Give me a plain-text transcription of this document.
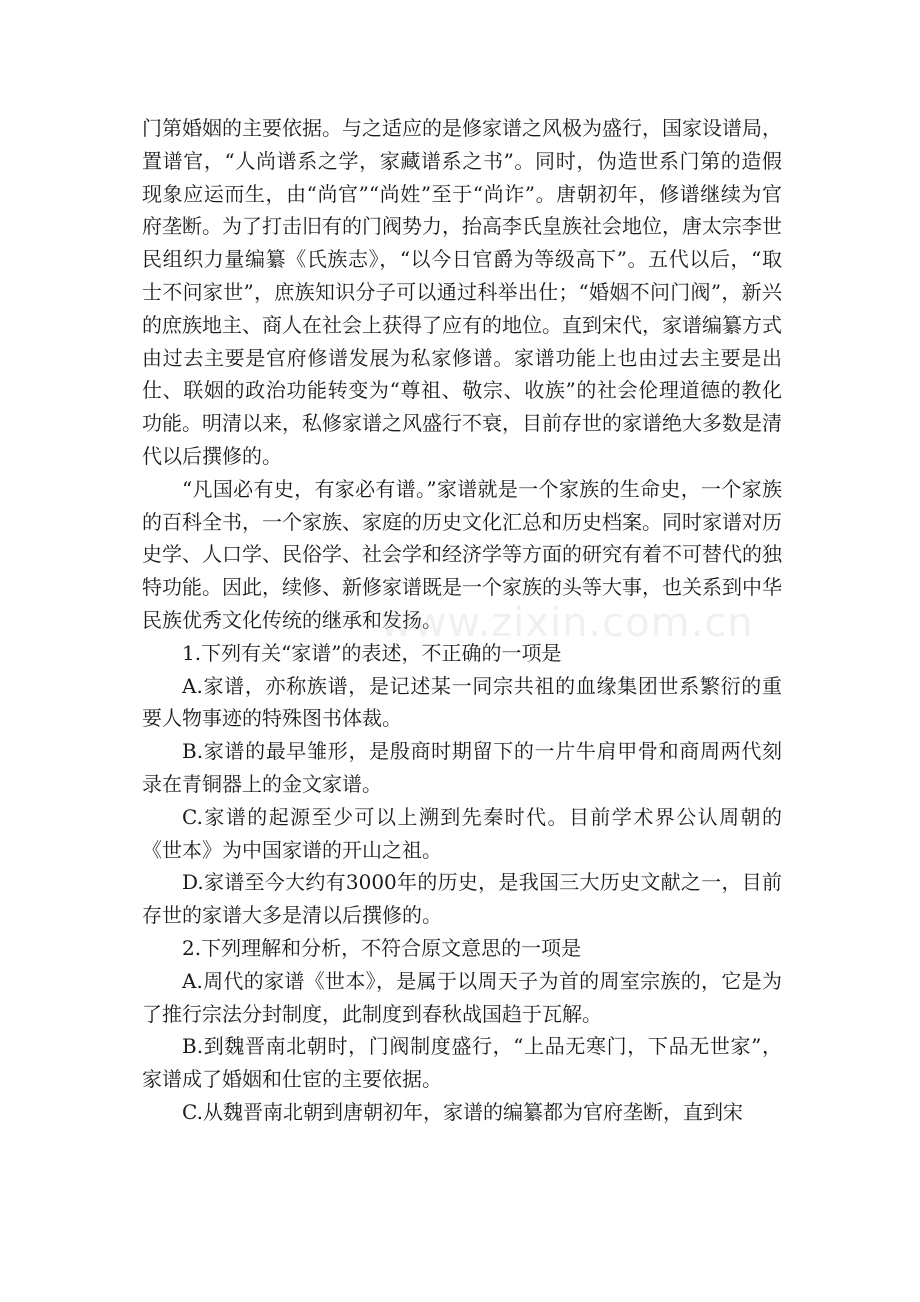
门第婚姻的主要依据。与之适应的是修家谱之风极为盛行，国家设谱局，置谱官，“人尚谱系之学，家藏谱系之书”。同时，伪造世系门第的造假现象应运而生，由“尚官”“尚姓”至于“尚诈”。唐朝初年，修谱继续为官府垄断。为了打击旧有的门阀势力，抬高李氏皇族社会地位，唐太宗李世民组织力量编纂《氏族志》，“以今日官爵为等级高下”。五代以后，“取士不问家世”，庶族知识分子可以通过科举出仕；“婚姻不问门阀”，新兴的庶族地主、商人在社会上获得了应有的地位。直到宋代，家谱编纂方式由过去主要是官府修谱发展为私家修谱。家谱功能上也由过去主要是出仕、联姻的政治功能转变为“尊祖、敬宗、收族”的社会伦理道德的教化功能。明清以来，私修家谱之风盛行不衰，目前存世的家谱绝大多数是清代以后撰修的。

“凡国必有史，有家必有谱。”家谱就是一个家族的生命史，一个家族的百科全书，一个家族、家庭的历史文化汇总和历史档案。同时家谱对历史学、人口学、民俗学、社会学和经济学等方面的研究有着不可替代的独特功能。因此，续修、新修家谱既是一个家族的头等大事，也关系到中华民族优秀文化传统的继承和发扬。

1.下列有关“家谱”的表述，不正确的一项是

A.家谱，亦称族谱，是记述某一同宗共祖的血缘集团世系繁衍的重要人物事迹的特殊图书体裁。

B.家谱的最早雏形，是殷商时期留下的一片牛肩甲骨和商周两代刻录在青铜器上的金文家谱。

C.家谱的起源至少可以上溯到先秦时代。目前学术界公认周朝的《世本》为中国家谱的开山之祖。

D.家谱至今大约有3000年的历史，是我国三大历史文献之一，目前存世的家谱大多是清以后撰修的。

2.下列理解和分析，不符合原文意思的一项是

A.周代的家谱《世本》，是属于以周天子为首的周室宗族的，它是为了推行宗法分封制度，此制度到春秋战国趋于瓦解。

B.到魏晋南北朝时，门阀制度盛行，“上品无寒门，下品无世家”，家谱成了婚姻和仕宦的主要依据。

C.从魏晋南北朝到唐朝初年，家谱的编纂都为官府垄断，直到宋

www.zixin.com.cn
